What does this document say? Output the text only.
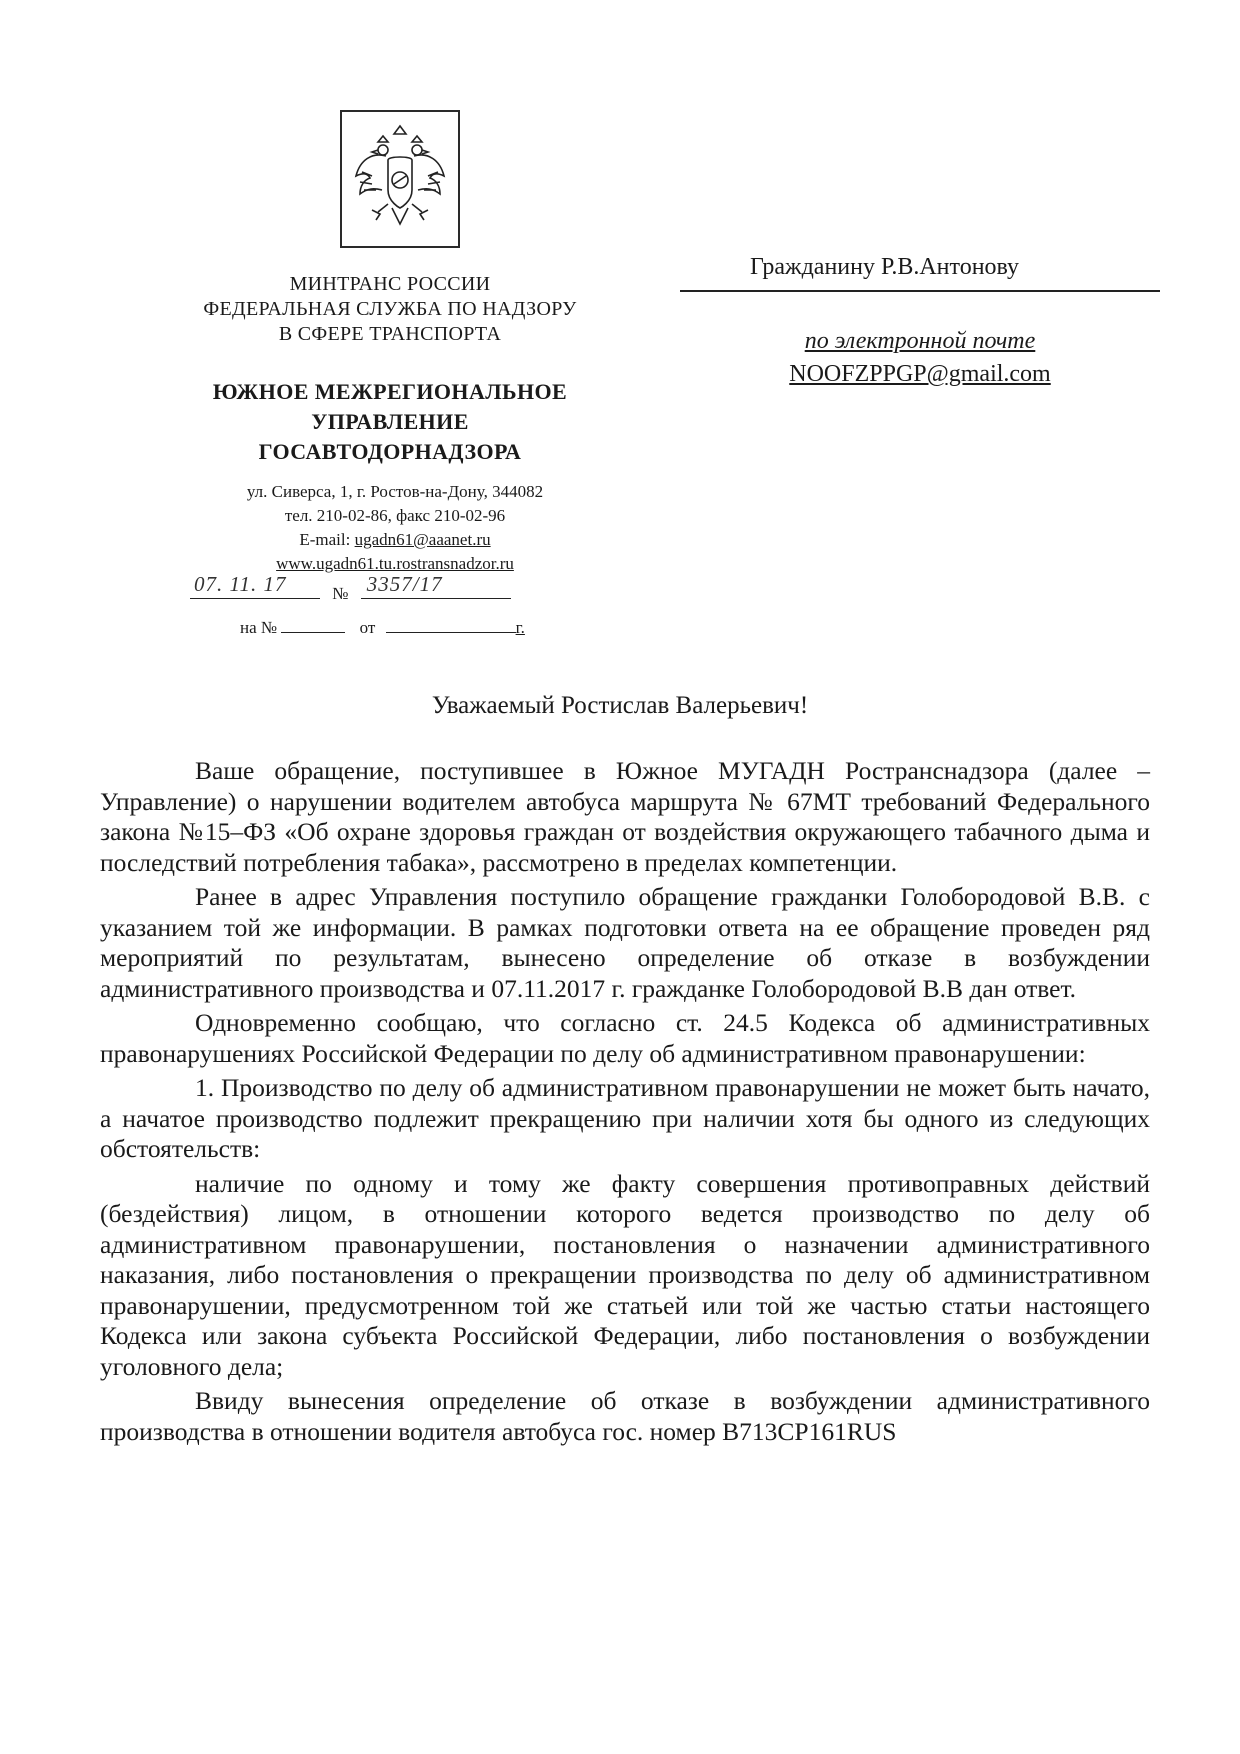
МИНТРАНС РОССИИ
ФЕДЕРАЛЬНАЯ СЛУЖБА ПО НАДЗОРУ
В СФЕРЕ ТРАНСПОРТА
ЮЖНОЕ МЕЖРЕГИОНАЛЬНОЕ
УПРАВЛЕНИЕ
ГОСАВТОДОРНАДЗОРА
ул. Сиверса, 1, г. Ростов-на-Дону, 344082
тел. 210-02-86, факс 210-02-96
E-mail: ugadn61@aaanet.ru
www.ugadn61.tu.rostransnadzor.ru
07. 11. 17	№ 3357/17
на №	от	г.
Гражданину Р.В.Антонову
по электронной почте
NOOFZPPGP@gmail.com
Уважаемый Ростислав Валерьевич!

Ваше обращение, поступившее в Южное МУГАДН Ространснадзора (далее – Управление) о нарушении водителем автобуса маршрута № 67МТ требований Федерального закона №15–ФЗ «Об охране здоровья граждан от воздействия окружающего табачного дыма и последствий потребления табака», рассмотрено в пределах компетенции.

Ранее в адрес Управления поступило обращение гражданки Голобородовой В.В. с указанием той же информации. В рамках подготовки ответа на ее обращение проведен ряд мероприятий по результатам, вынесено определение об отказе в возбуждении административного производства и 07.11.2017 г. гражданке Голобородовой В.В дан ответ.

Одновременно сообщаю, что согласно ст. 24.5 Кодекса об административных правонарушениях Российской Федерации по делу об административном правонарушении:

1. Производство по делу об административном правонарушении не может быть начато, а начатое производство подлежит прекращению при наличии хотя бы одного из следующих обстоятельств:

наличие по одному и тому же факту совершения противоправных действий (бездействия) лицом, в отношении которого ведется производство по делу об административном правонарушении, постановления о назначении административного наказания, либо постановления о прекращении производства по делу об административном правонарушении, предусмотренном той же статьей или той же частью статьи настоящего Кодекса или закона субъекта Российской Федерации, либо постановления о возбуждении уголовного дела;

Ввиду вынесения определение об отказе в возбуждении административного производства в отношении водителя автобуса гос. номер В713СР161RUS
